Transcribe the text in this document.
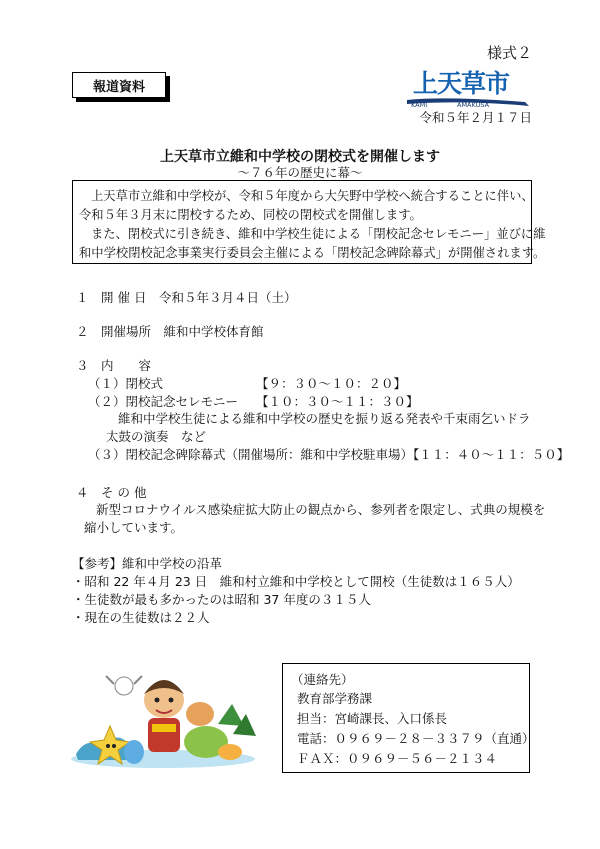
様式２
報道資料	上天草市
KAMI	AMAKUSA
令和５年２月１７日
上天草市立維和中学校の閉校式を開催します
～７６年の歴史に幕～
上天草市立維和中学校が、令和５年度から大矢野中学校へ統合することに伴い、
令和５年３月末に閉校するため、同校の閉校式を開催します。
また、閉校式に引き続き、維和中学校生徒による「閉校記念セレモニー」並びに維
和中学校閉校記念事業実行委員会主催による「閉校記念碑除幕式」が開催されます。
１　開 催 日　令和５年３月４日（土）
２　開催場所　維和中学校体育館
３　内　　容
（１）閉校式	【９：３０～１０：２０】
（２）閉校記念セレモニー 【１０：３０～１１：３０】
維和中学校生徒による維和中学校の歴史を振り返る発表や千束雨乞いドラ
太鼓の演奏　など
（３）閉校記念碑除幕式（開催場所：維和中学校駐車場）【１１：４０～１１：５０】
４　そ の 他
新型コロナウイルス感染症拡大防止の観点から、参列者を限定し、式典の規模を
縮小しています。
【参考】維和中学校の沿革
・昭和 22 年４月 23 日　維和村立維和中学校として開校（生徒数は１６５人）
・生徒数が最も多かったのは昭和 37 年度の３１５人
・現在の生徒数は２２人
（連絡先）
教育部学務課
担当：宮崎課長、入口係長
電話：０９６９－２８－３３７９（直通）
ＦＡＸ：０９６９－５６－２１３４
